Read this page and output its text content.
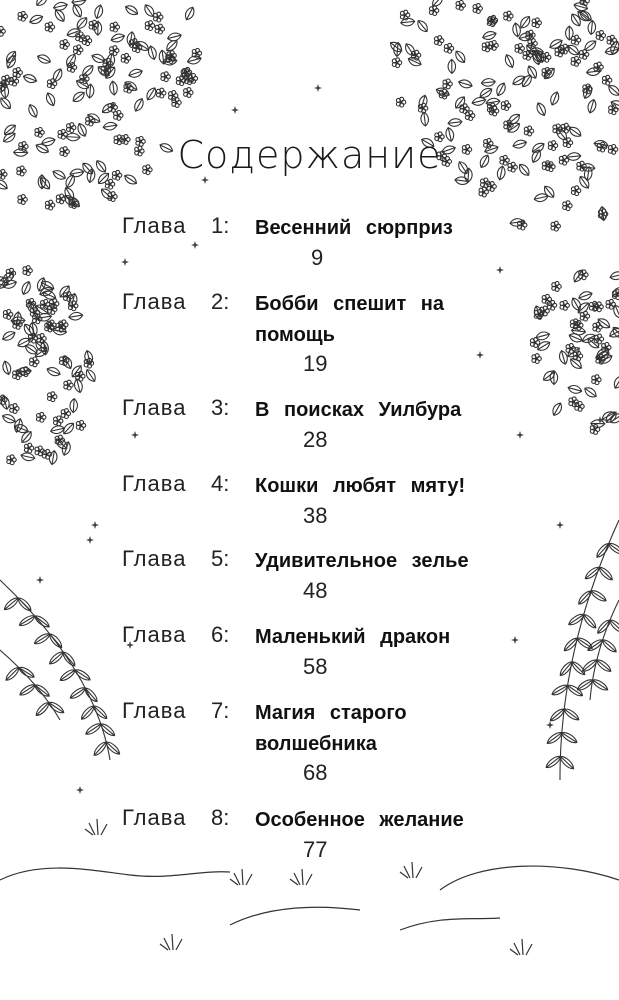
Содержание
Глава 1: Весенний сюрприз
9
Глава 2: Бобби спешит на помощь
19
Глава 3: В поисках Уилбура
28
Глава 4: Кошки любят мяту!
38
Глава 5: Удивительное зелье
48
Глава 6: Маленький дракон
58
Глава 7: Магия старого волшебника
68
Глава 8: Особенное желание
77
